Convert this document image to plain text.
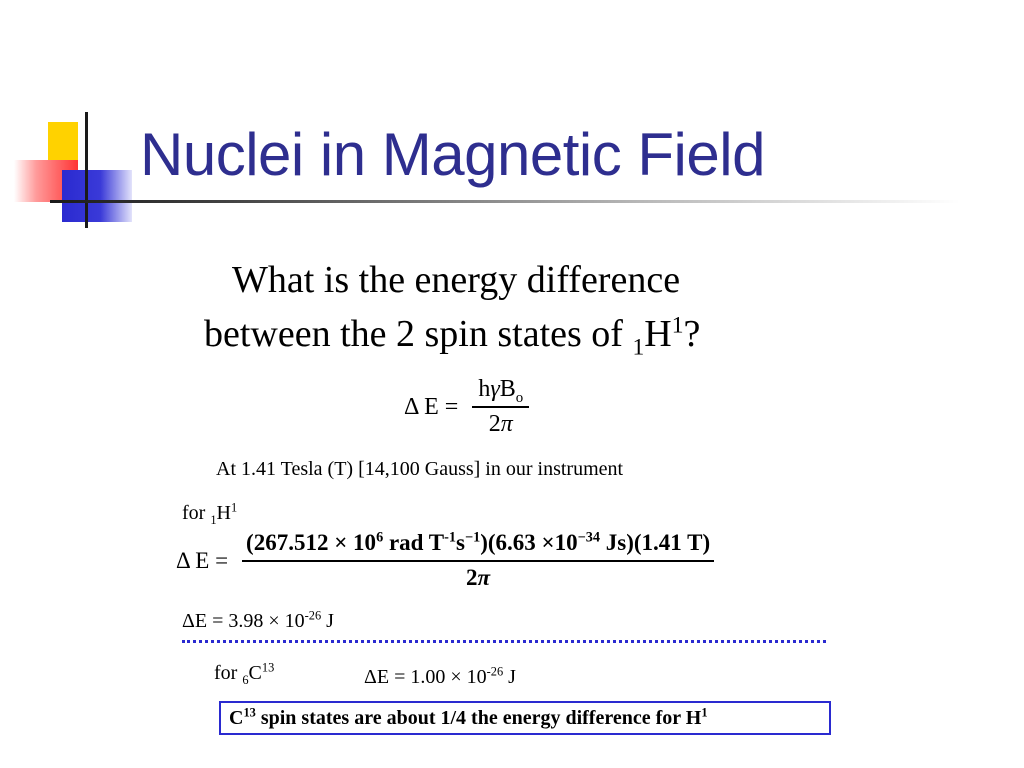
Nuclei in Magnetic Field
What is the energy difference
between the 2 spin states of $_1H^1$?
Δ $E = \frac{h\gamma B_o}{2\pi}$
At 1.41 Tesla (T) [14,100 Gauss] in our instrument
for $_1H^1$
Δ $E = \frac{(267.512 \times 10^6 rad T^{-1}s^{-1})(6.63 \times 10^{-34} Js)(1.41 T)}{2\pi}$
$\Delta E = 3.98 \times 10^{-26}$ J
for $_6C^{13}$	$\Delta E = 1.00 \times 10^{-26}$ J
$C^{13}$ spin states are about 1/4 the energy difference for $H^1$
